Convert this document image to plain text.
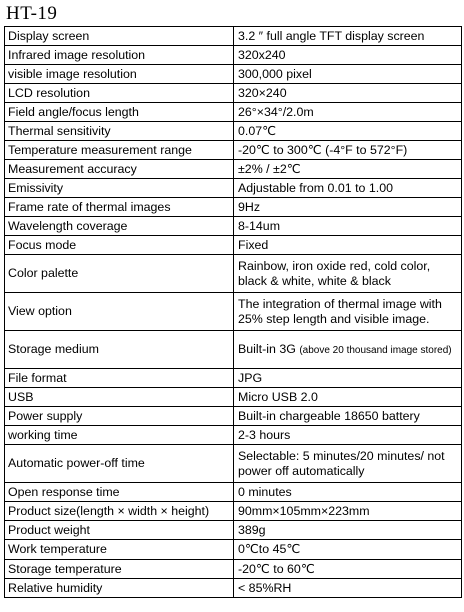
HT-19
Display screen	3.2 ″ full angle TFT display screen
Infrared image resolution	320x240
visible image resolution	300,000 pixel
LCD resolution	320×240
Field angle/focus length	26°×34°/2.0m
Thermal sensitivity	0.07℃
Temperature measurement range	-20℃ to 300℃ (-4°F to 572°F)
Measurement accuracy	±2% / ±2℃
Emissivity	Adjustable from 0.01 to 1.00
Frame rate of thermal images	9Hz
Wavelength coverage	8-14um
Focus mode	Fixed
Color palette	Rainbow, iron oxide red, cold color, black & white, white & black
View option	The integration of thermal image with 25% step length and visible image.
Storage medium	Built-in 3G (above 20 thousand image stored)
File format	JPG
USB	Micro USB 2.0
Power supply	Built-in chargeable 18650 battery
working time	2-3 hours
Automatic power-off time	Selectable: 5 minutes/20 minutes/ not power off automatically
Open response time	0 minutes
Product size(length × width × height)	90mm×105mm×223mm
Product weight	389g
Work temperature	0℃to 45℃
Storage temperature	-20℃ to 60℃
Relative humidity	< 85%RH
